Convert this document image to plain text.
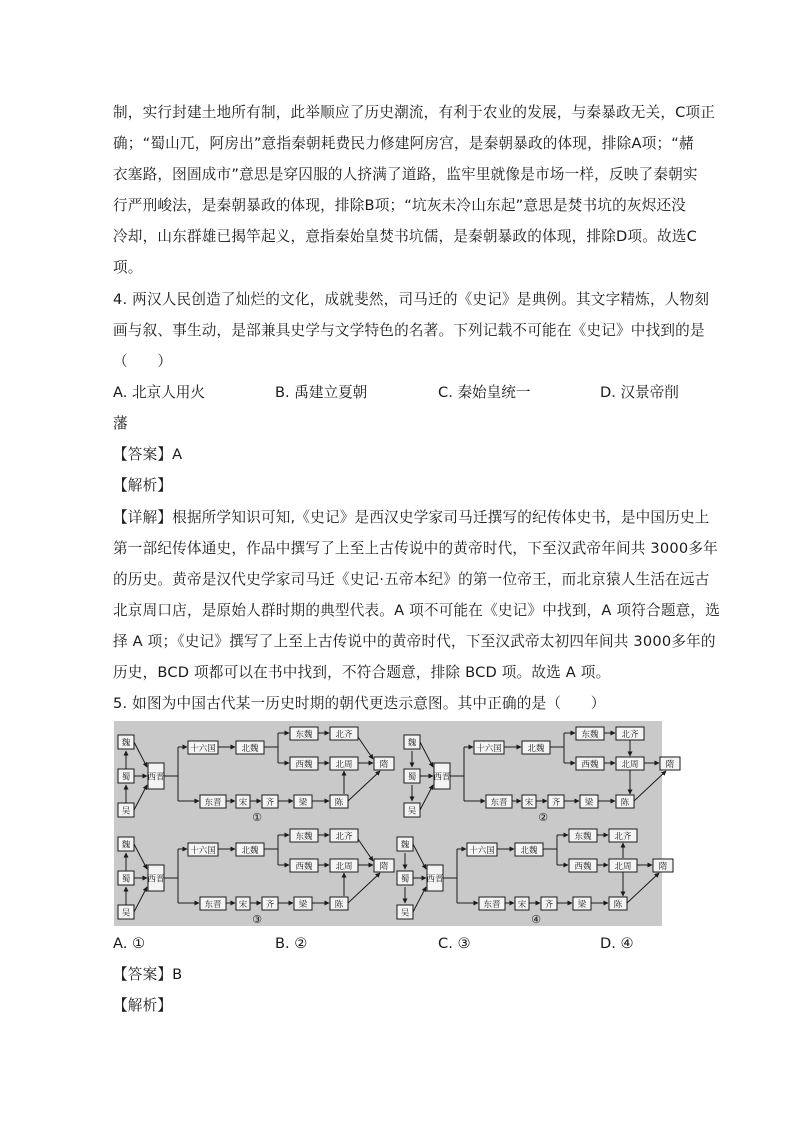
制，实行封建土地所有制，此举顺应了历史潮流，有利于农业的发展，与秦暴政无关，C项正
确；“蜀山兀，阿房出”意指秦朝耗费民力修建阿房宫，是秦朝暴政的体现，排除A项；“赭
衣塞路，囹圄成市”意思是穿囚服的人挤满了道路，监牢里就像是市场一样，反映了秦朝实
行严刑峻法，是秦朝暴政的体现，排除B项；“坑灰未冷山东起”意思是焚书坑的灰烬还没
冷却，山东群雄已揭竿起义，意指秦始皇焚书坑儒，是秦朝暴政的体现，排除D项。故选C
项。
4. 两汉人民创造了灿烂的文化，成就斐然，司马迁的《史记》是典例。其文字精炼，人物刻
画与叙、事生动，是部兼具史学与文学特色的名著。下列记载不可能在《史记》中找到的是
（　　）
A. 北京人用火	B. 禹建立夏朝	C. 秦始皇统一	D. 汉景帝削
藩
【答案】A
【解析】
【详解】根据所学知识可知,《史记》是西汉史学家司马迁撰写的纪传体史书，是中国历史上
第一部纪传体通史，作品中撰写了上至上古传说中的黄帝时代，下至汉武帝年间共 3000多年
的历史。黄帝是汉代史学家司马迁《史记·五帝本纪》的第一位帝王，而北京猿人生活在远古
北京周口店，是原始人群时期的典型代表。A 项不可能在《史记》中找到，A 项符合题意，选
择 A 项；《史记》撰写了上至上古传说中的黄帝时代，下至汉武帝太初四年间共 3000多年的
历史，BCD 项都可以在书中找到，不符合题意，排除 BCD 项。故选 A 项。
5. 如图为中国古代某一历史时期的朝代更迭示意图。其中正确的是（　　）
魏
蜀
吴
西晋
十六国	北魏
东魏	北齐
西魏	北周	隋
东晋 宋 齐	梁	陈
①
魏
蜀
吴
西晋
十六国	北魏
东魏	北齐
西魏	北周	隋
东晋 宋 齐	梁	陈
②
魏
蜀
吴
西晋
十六国	北魏
东魏	北齐
西魏	北周	隋
东晋 宋 齐	梁	陈
③
魏
蜀
吴
西晋
十六国	北魏
东魏	北齐
西魏	北周	隋
东晋 宋 齐	梁	陈
④
A. ①	B. ②	C. ③	D. ④
【答案】B
【解析】
